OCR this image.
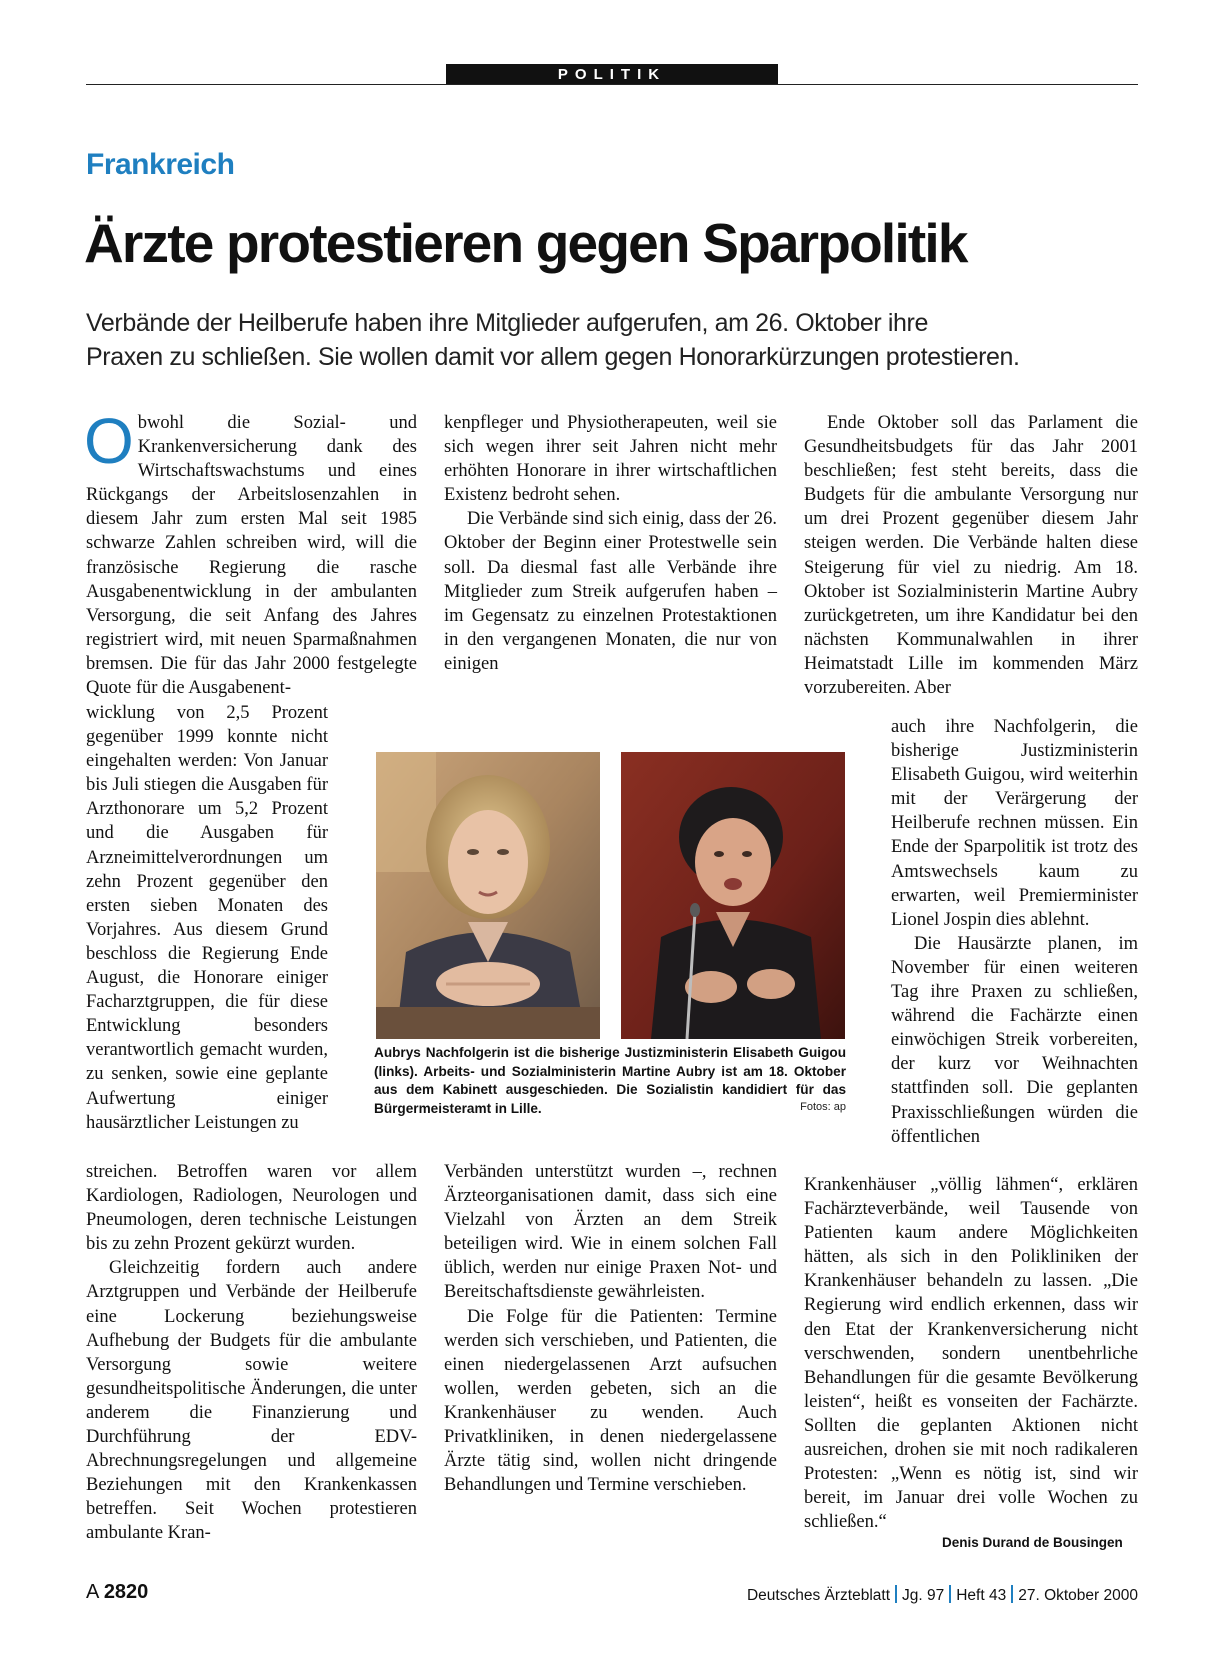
POLITIK
Frankreich
Ärzte protestieren gegen Sparpolitik
Verbände der Heilberufe haben ihre Mitglieder aufgerufen, am 26. Oktober ihre
Praxen zu schließen. Sie wollen damit vor allem gegen Honorarkürzungen protestieren.

Obwohl die Sozial- und Krankenversicherung dank des Wirtschaftswachstums und eines Rückgangs der Arbeitslosenzahlen in diesem Jahr zum ersten Mal seit 1985 schwarze Zahlen schreiben wird, will die französische Regierung die rasche Ausgabenentwicklung in der ambulanten Versorgung, die seit Anfang des Jahres registriert wird, mit neuen Sparmaßnahmen bremsen. Die für das Jahr 2000 festgelegte Quote für die Ausgabenent-

wicklung von 2,5 Prozent gegenüber 1999 konnte nicht eingehalten werden: Von Januar bis Juli stiegen die Ausgaben für Arzthonorare um 5,2 Prozent und die Ausgaben für Arzneimittelverordnungen um zehn Prozent gegenüber den ersten sieben Monaten des Vorjahres. Aus diesem Grund beschloss die Regierung Ende August, die Honorare einiger Facharztgruppen, die für diese Entwicklung besonders verantwortlich gemacht wurden, zu senken, sowie eine geplante Aufwertung einiger hausärztlicher Leistungen zu

streichen. Betroffen waren vor allem Kardiologen, Radiologen, Neurologen und Pneumologen, deren technische Leistungen bis zu zehn Prozent gekürzt wurden.

Gleichzeitig fordern auch andere Arztgruppen und Verbände der Heilberufe eine Lockerung beziehungsweise Aufhebung der Budgets für die ambulante Versorgung sowie weitere gesundheitspolitische Änderungen, die unter anderem die Finanzierung und Durchführung der EDV-Abrechnungsregelungen und allgemeine Beziehungen mit den Krankenkassen betreffen. Seit Wochen protestieren ambulante Kran-

kenpfleger und Physiotherapeuten, weil sie sich wegen ihrer seit Jahren nicht mehr erhöhten Honorare in ihrer wirtschaftlichen Existenz bedroht sehen.

Die Verbände sind sich einig, dass der 26. Oktober der Beginn einer Protestwelle sein soll. Da diesmal fast alle Verbände ihre Mitglieder zum Streik aufgerufen haben – im Gegensatz zu einzelnen Protestaktionen in den vergangenen Monaten, die nur von einigen

Verbänden unterstützt wurden –, rechnen Ärzteorganisationen damit, dass sich eine Vielzahl von Ärzten an dem Streik beteiligen wird. Wie in einem solchen Fall üblich, werden nur einige Praxen Not- und Bereitschaftsdienste gewährleisten.

Die Folge für die Patienten: Termine werden sich verschieben, und Patienten, die einen niedergelassenen Arzt aufsuchen wollen, werden gebeten, sich an die Krankenhäuser zu wenden. Auch Privatkliniken, in denen niedergelassene Ärzte tätig sind, wollen nicht dringende Behandlungen und Termine verschieben.

Ende Oktober soll das Parlament die Gesundheitsbudgets für das Jahr 2001 beschließen; fest steht bereits, dass die Budgets für die ambulante Versorgung nur um drei Prozent gegenüber diesem Jahr steigen werden. Die Verbände halten diese Steigerung für viel zu niedrig. Am 18. Oktober ist Sozialministerin Martine Aubry zurückgetreten, um ihre Kandidatur bei den nächsten Kommunalwahlen in ihrer Heimatstadt Lille im kommenden März vorzubereiten. Aber

auch ihre Nachfolgerin, die bisherige Justizministerin Elisabeth Guigou, wird weiterhin mit der Verärgerung der Heilberufe rechnen müssen. Ein Ende der Sparpolitik ist trotz des Amtswechsels kaum zu erwarten, weil Premierminister Lionel Jospin dies ablehnt.

Die Hausärzte planen, im November für einen weiteren Tag ihre Praxen zu schließen, während die Fachärzte einen einwöchigen Streik vorbereiten, der kurz vor Weihnachten stattfinden soll. Die geplanten Praxisschließungen würden die öffentlichen

Krankenhäuser „völlig lähmen“, erklären Fachärzteverbände, weil Tausende von Patienten kaum andere Möglichkeiten hätten, als sich in den Polikliniken der Krankenhäuser behandeln zu lassen. „Die Regierung wird endlich erkennen, dass wir den Etat der Krankenversicherung nicht verschwenden, sondern unentbehrliche Behandlungen für die gesamte Bevölkerung leisten“, heißt es vonseiten der Fachärzte. Sollten die geplanten Aktionen nicht ausreichen, drohen sie mit noch radikaleren Protesten: „Wenn es nötig ist, sind wir bereit, im Januar drei volle Wochen zu schließen.“

Aubrys Nachfolgerin ist die bisherige Justizministerin Elisabeth Guigou (links). Arbeits- und Sozialministerin Martine Aubry ist am 18. Oktober aus dem Kabinett ausgeschieden. Die Sozialistin kandidiert für das Bürgermeisteramt in Lille.	Fotos: ap
Denis Durand de Bousingen
A 2820	Deutsches Ärzteblatt Jg. 97 Heft 43 27. Oktober 2000
